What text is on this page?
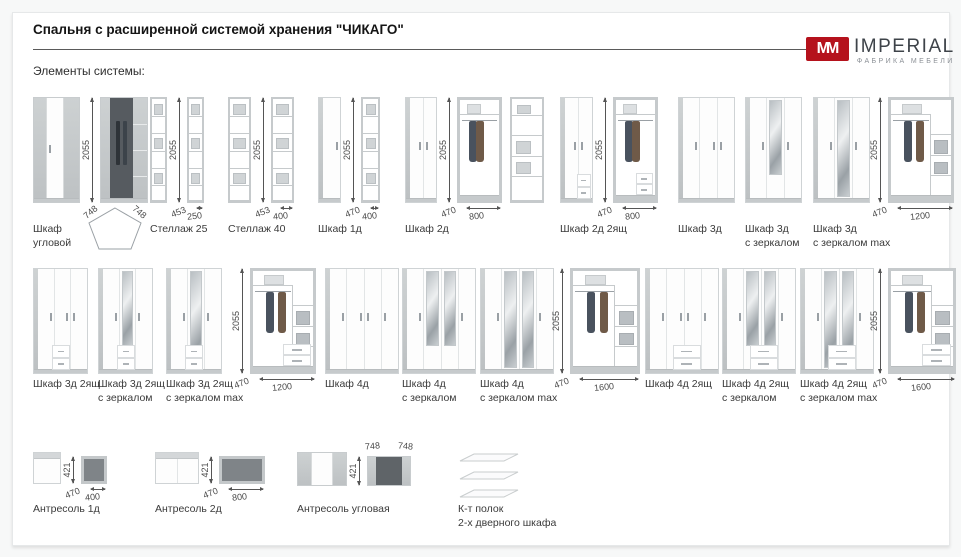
Спальня с расширенной системой хранения "ЧИКАГО"
MM IMPERIAL
ФАБРИКА МЕБЕЛИ
Элементы системы:
2055
748	748
Шкаф
угловой
2055
453
250
Стеллаж 25
2055
453 400
Стеллаж 40
2055
470 400
Шкаф 1д
2055
470 800
Шкаф 2д
2055
470 800
Шкаф 2д 2ящ	Шкаф 3д Шкаф 3д
с зеркалом
Шкаф 3д
с зеркалом max
2055
470 1200
Шкаф 3д 2ящ
Шкаф 3д 2ящ
с зеркалом
Шкаф 3д 2ящ
с зеркалом max
2055
470 1200	Шкаф 4д	Шкаф 4д
с зеркалом
Шкаф 4д
с зеркалом max
2055
470	1600	Шкаф 4д 2ящ Шкаф 4д 2ящ
с зеркалом
Шкаф 4д 2ящ
с зеркалом max
2055
470 1600
421
470 400
Антресоль 1д
421
470 800
Антресоль 2д
421
748 748
Антресоль угловая	К-т полок
2-х дверного шкафа
